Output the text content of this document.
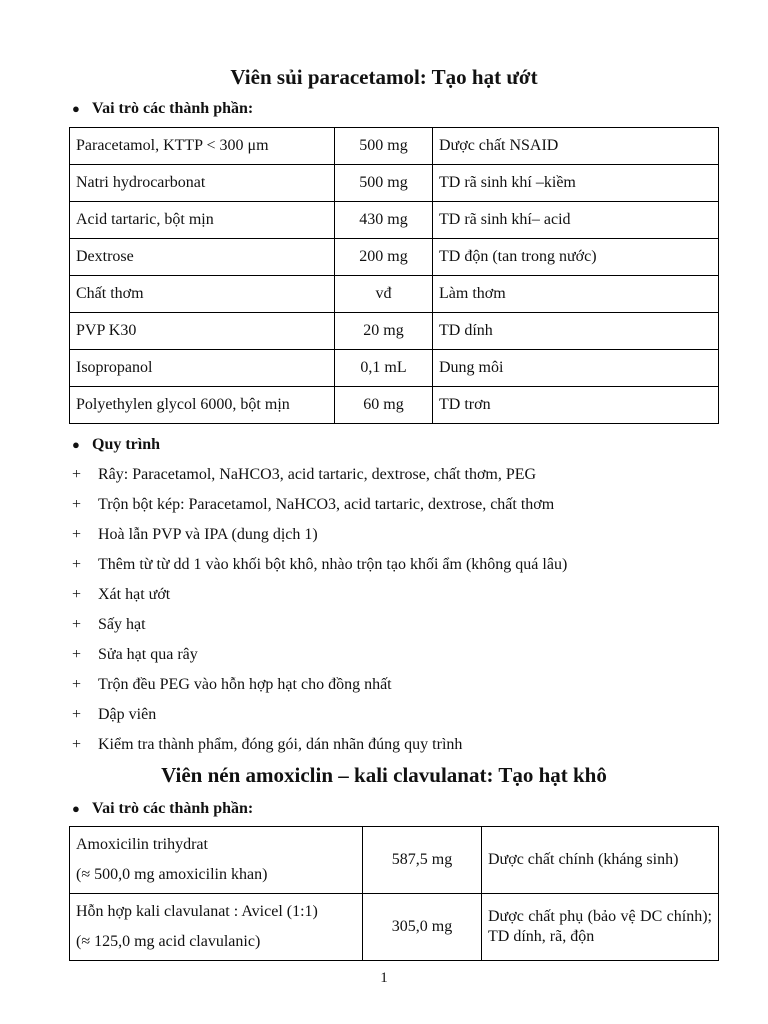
Viên sủi paracetamol: Tạo hạt ướt
● Vai trò các thành phần:
Paracetamol, KTTP < 300 μm	500 mg	Dược chất NSAID
Natri hydrocarbonat	500 mg	TD rã sinh khí –kiềm
Acid tartaric, bột mịn	430 mg	TD rã sinh khí– acid
Dextrose	200 mg	TD độn (tan trong nước)
Chất thơm	vđ	Làm thơm
PVP K30	20 mg	TD dính
Isopropanol	0,1 mL	Dung môi
Polyethylen glycol 6000, bột mịn	60 mg	TD trơn
● Quy trình
+	Rây: Paracetamol, NaHCO3, acid tartaric, dextrose, chất thơm, PEG
+	Trộn bột kép: Paracetamol, NaHCO3, acid tartaric, dextrose, chất thơm
+	Hoà lẫn PVP và IPA (dung dịch 1)
+	Thêm từ từ dd 1 vào khối bột khô, nhào trộn tạo khối ẩm (không quá lâu)
+	Xát hạt ướt
+	Sấy hạt
+	Sửa hạt qua rây
+	Trộn đều PEG vào hỗn hợp hạt cho đồng nhất
+	Dập viên
+	Kiểm tra thành phẩm, đóng gói, dán nhãn đúng quy trình
Viên nén amoxiclin – kali clavulanat: Tạo hạt khô
● Vai trò các thành phần:
Amoxicilin trihydrat
(≈ 500,0 mg amoxicilin khan)	587,5 mg	Dược chất chính (kháng sinh)

Hỗn hợp kali clavulanat : Avicel (1:1)
(≈ 125,0 mg acid clavulanic)	305,0 mg	Dược chất phụ (bảo vệ DC chính); TD dính, rã, độn
1
